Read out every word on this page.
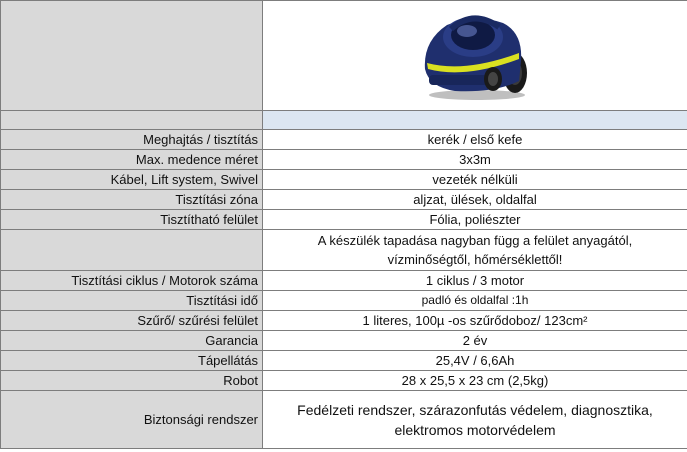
Meghajtás / tisztítás	kerék / első kefe
Max. medence méret	3x3m
Kábel, Lift system, Swivel	vezeték nélküli
Tisztítási zóna	aljzat, ülések, oldalfal
Tisztítható felület	Fólia, poliészter
	A készülék tapadása nagyban függ a felület anyagától, vízminőségtől, hőmérséklettől!
Tisztítási ciklus / Motorok száma	1 ciklus / 3 motor
Tisztítási idő	padló és oldalfal :1h
Szűrő/ szűrési felület	1 literes, 100µ -os szűrődoboz/ 123cm²
Garancia	2 év
Tápellátás	25,4V / 6,6Ah
Robot	28 x 25,5 x 23 cm (2,5kg)
Biztonsági rendszer	Fedélzeti rendszer, szárazonfutás védelem, diagnosztika, elektromos motorvédelem
